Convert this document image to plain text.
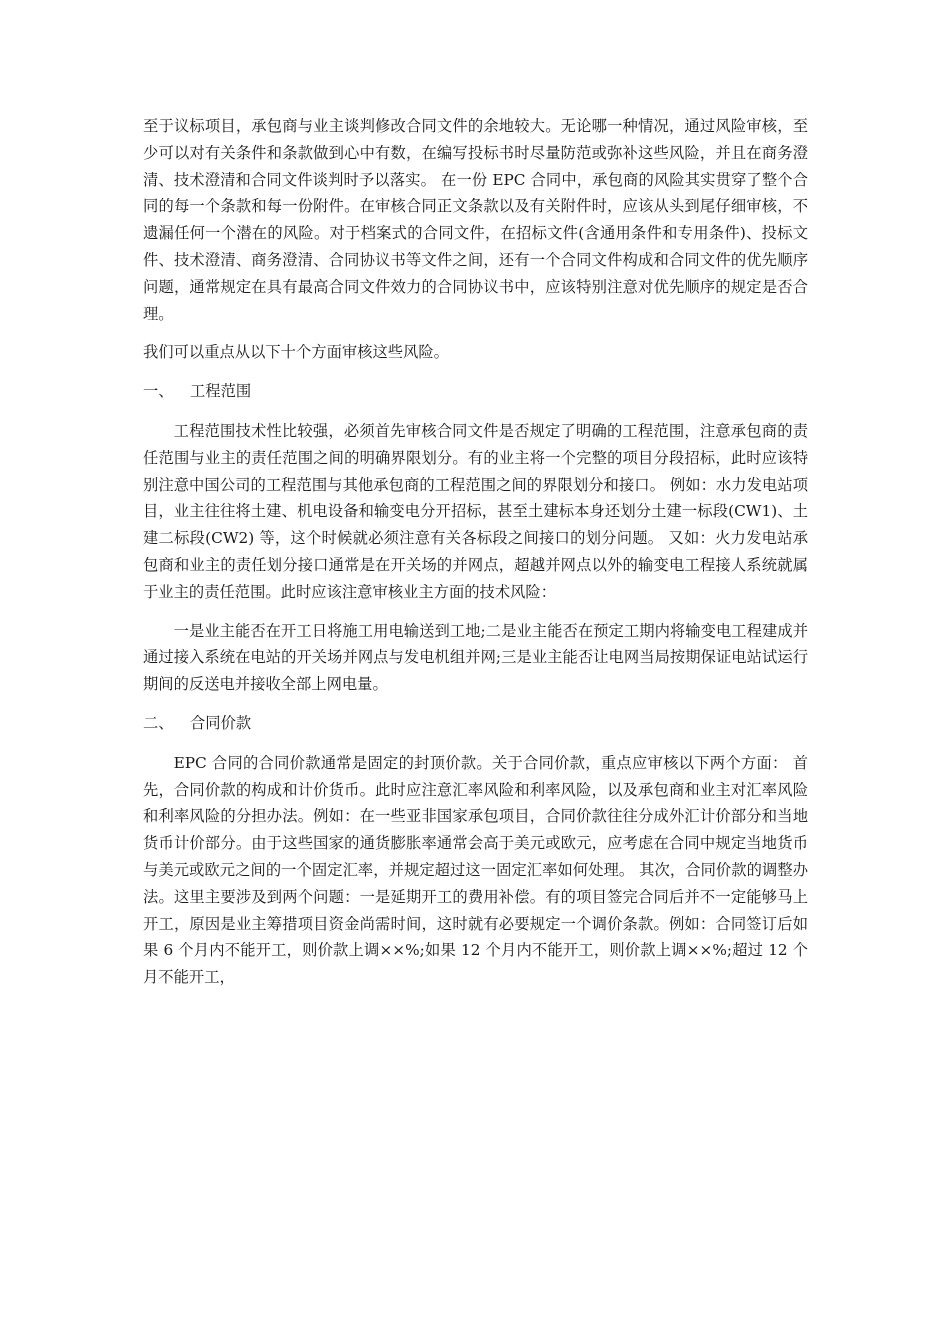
至于议标项目，承包商与业主谈判修改合同文件的余地较大。无论哪一种情况，通过风险审核，至少可以对有关条件和条款做到心中有数，在编写投标书时尽量防范或弥补这些风险，并且在商务澄清、技术澄清和合同文件谈判时予以落实。 在一份 EPC 合同中，承包商的风险其实贯穿了整个合同的每一个条款和每一份附件。在审核合同正文条款以及有关附件时，应该从头到尾仔细审核，不遗漏任何一个潜在的风险。对于档案式的合同文件，在招标文件(含通用条件和专用条件)、投标文件、技术澄清、商务澄清、合同协议书等文件之间，还有一个合同文件构成和合同文件的优先顺序问题，通常规定在具有最高合同文件效力的合同协议书中，应该特别注意对优先顺序的规定是否合理。

我们可以重点从以下十个方面审核这些风险。

一、 工程范围

工程范围技术性比较强，必须首先审核合同文件是否规定了明确的工程范围，注意承包商的责任范围与业主的责任范围之间的明确界限划分。有的业主将一个完整的项目分段招标，此时应该特别注意中国公司的工程范围与其他承包商的工程范围之间的界限划分和接口。 例如：水力发电站项目，业主往往将土建、机电设备和输变电分开招标，甚至土建标本身还划分土建一标段(CW1)、土建二标段(CW2) 等，这个时候就必须注意有关各标段之间接口的划分问题。 又如：火力发电站承包商和业主的责任划分接口通常是在开关场的并网点，超越并网点以外的输变电工程接人系统就属于业主的责任范围。此时应该注意审核业主方面的技术风险：

一是业主能否在开工日将施工用电输送到工地;二是业主能否在预定工期内将输变电工程建成并通过接入系统在电站的开关场并网点与发电机组并网;三是业主能否让电网当局按期保证电站试运行期间的反送电并接收全部上网电量。

二、 合同价款

EPC 合同的合同价款通常是固定的封顶价款。关于合同价款，重点应审核以下两个方面： 首先，合同价款的构成和计价货币。此时应注意汇率风险和利率风险，以及承包商和业主对汇率风险和利率风险的分担办法。例如：在一些亚非国家承包项目，合同价款往往分成外汇计价部分和当地货币计价部分。由于这些国家的通货膨胀率通常会高于美元或欧元，应考虑在合同中规定当地货币与美元或欧元之间的一个固定汇率，并规定超过这一固定汇率如何处理。 其次，合同价款的调整办法。这里主要涉及到两个问题：一是延期开工的费用补偿。有的项目签完合同后并不一定能够马上开工，原因是业主筹措项目资金尚需时间，这时就有必要规定一个调价条款。例如：合同签订后如果 6 个月内不能开工，则价款上调××%;如果 12 个月内不能开工，则价款上调××%;超过 12 个月不能开工，
